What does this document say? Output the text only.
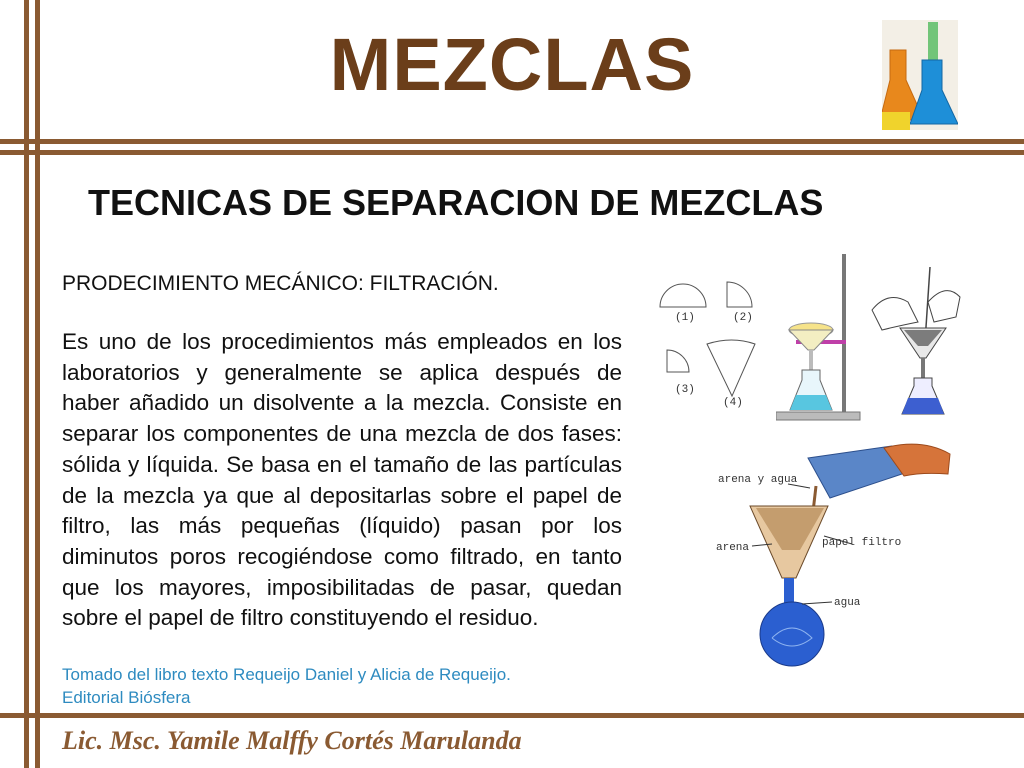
MEZCLAS
TECNICAS DE SEPARACION DE MEZCLAS
PRODECIMIENTO MECÁNICO: FILTRACIÓN.
Es uno de los procedimientos más empleados en los laboratorios y generalmente se aplica después de haber añadido un disolvente a la mezcla. Consiste en separar los componentes de una mezcla de dos fases: sólida y líquida. Se basa en el tamaño de las partículas de la mezcla ya que al depositarlas sobre el papel de filtro, las más pequeñas (líquido) pasan por los diminutos poros recogiéndose como filtrado, en tanto que los mayores, imposibilitadas de pasar, quedan sobre el papel de filtro constituyendo el residuo.
Tomado del libro texto Requeijo Daniel y Alicia de Requeijo.
Editorial Biósfera
Lic. Msc. Yamile Malffy Cortés Marulanda
(1)	(2)
(3)
(4)
arena y agua
papel filtro
arena
agua
